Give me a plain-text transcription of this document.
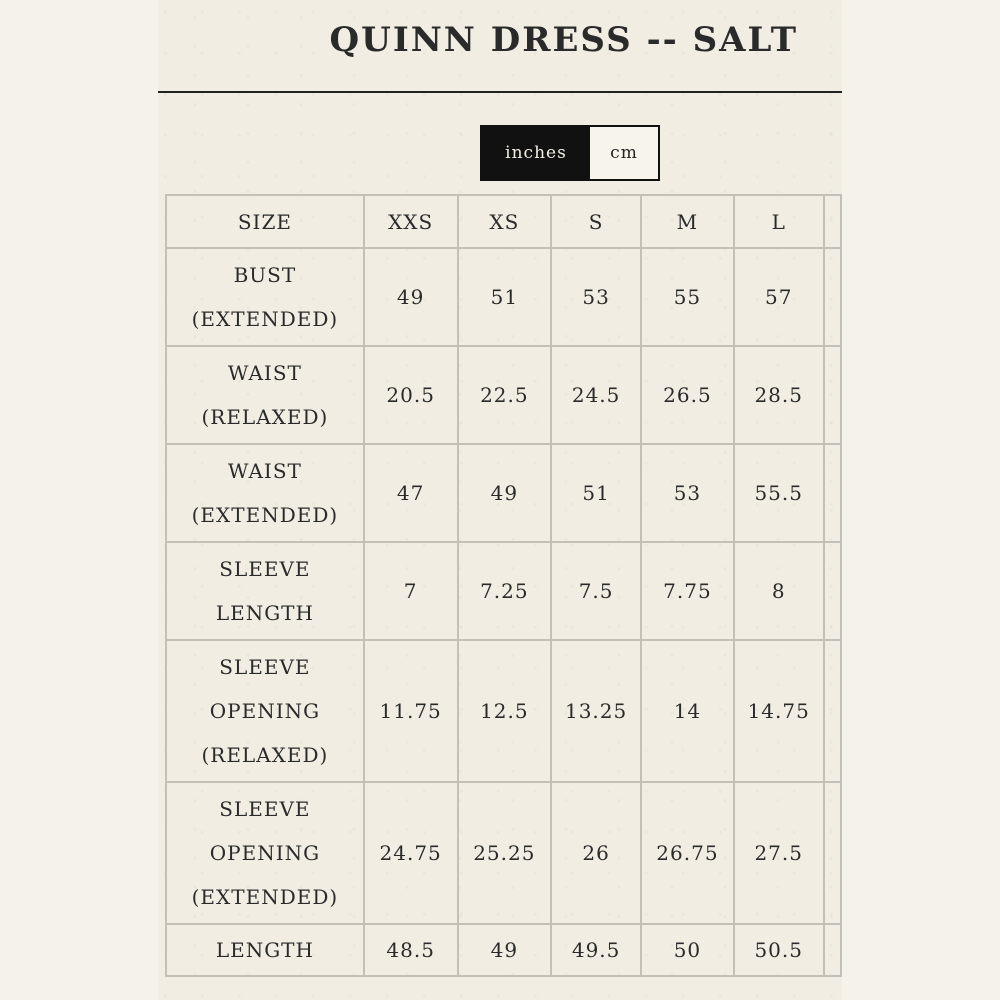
QUINN DRESS -- SALT
inches	cm
SIZE	XXS	XS	S	M	L	

BUST
(EXTENDED)	49	51	53	55	57	

WAIST
(RELAXED)	20.5	22.5	24.5	26.5	28.5	

WAIST
(EXTENDED)	47	49	51	53	55.5	

SLEEVE
LENGTH	7	7.25	7.5	7.75	8	

SLEEVE
OPENING
(RELAXED)	11.75	12.5	13.25	14	14.75	

SLEEVE
OPENING
(EXTENDED)	24.75	25.25	26	26.75	27.5	

LENGTH	48.5	49	49.5	50	50.5	
